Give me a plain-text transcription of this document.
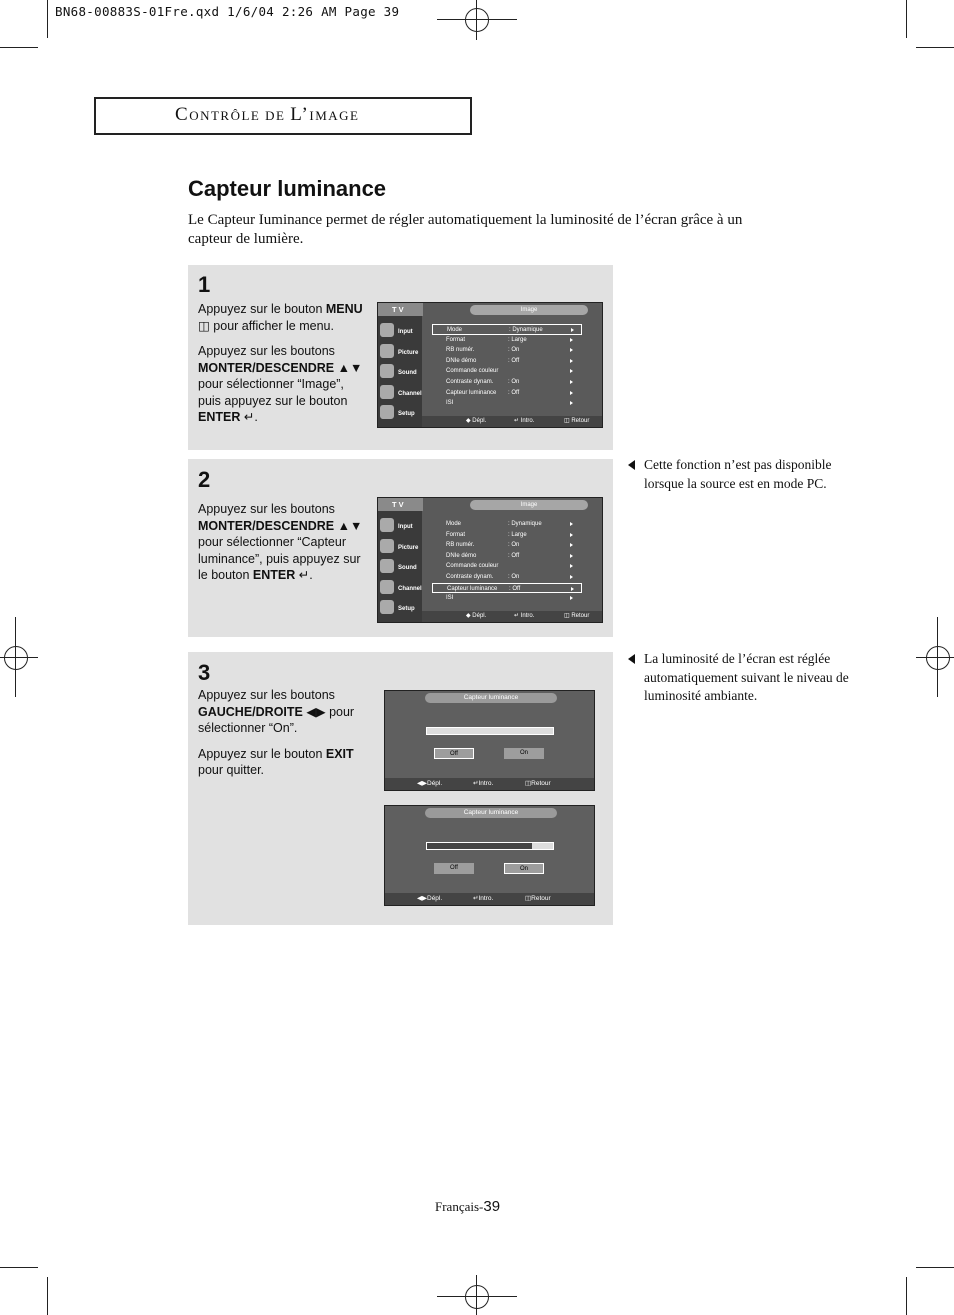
BN68-00883S-01Fre.qxd 1/6/04 2:26 AM Page 39
CONTRÔLE DE L’IMAGE
Capteur luminance
Le Capteur Iuminance permet de régler automatiquement la luminosité de l’écran grâce à un capteur de lumière.
1

Appuyez sur le bouton MENU ◫ pour afficher le menu.

Appuyez sur les boutons MONTER/DESCENDRE ▲▼ pour sélectionner “Image”, puis appuyez sur le bouton ENTER ↵.

T V	Image
Input
Picture
Sound
Channel
Setup
Mode	: Dynamique
Format	: Large
RB numér.	: On
DNIe démo	: Off
Commande couleur
Contraste dynam. : On
Capteur luminance : Off
ISI
◆ Dépl.	↵ Intro.	◫ Retour
2

Appuyez sur les boutons MONTER/DESCENDRE ▲▼ pour sélectionner “Capteur luminance”, puis appuyez sur le bouton ENTER ↵.

T V	Image
Input
Picture
Sound
Channel
Setup
Mode	: Dynamique
Format	: Large
RB numér.	: On
DNIe démo	: Off
Commande couleur
Contraste dynam. : On
Capteur luminance : Off
ISI
◆ Dépl.	↵ Intro.	◫ Retour
3

Appuyez sur les boutons GAUCHE/DROITE ◀▶ pour sélectionner “On”.

Appuyez sur le bouton EXIT pour quitter.

Capteur luminance
Off	On
◀▶ Dépl.	↵ Intro.	◫ Retour
Capteur luminance
Off	On
◀▶ Dépl.	↵ Intro.	◫ Retour
Cette fonction n’est pas disponible lorsque la source est en mode PC.
La luminosité de l’écran est réglée automatiquement suivant le niveau de luminosité ambiante.
Français-39
